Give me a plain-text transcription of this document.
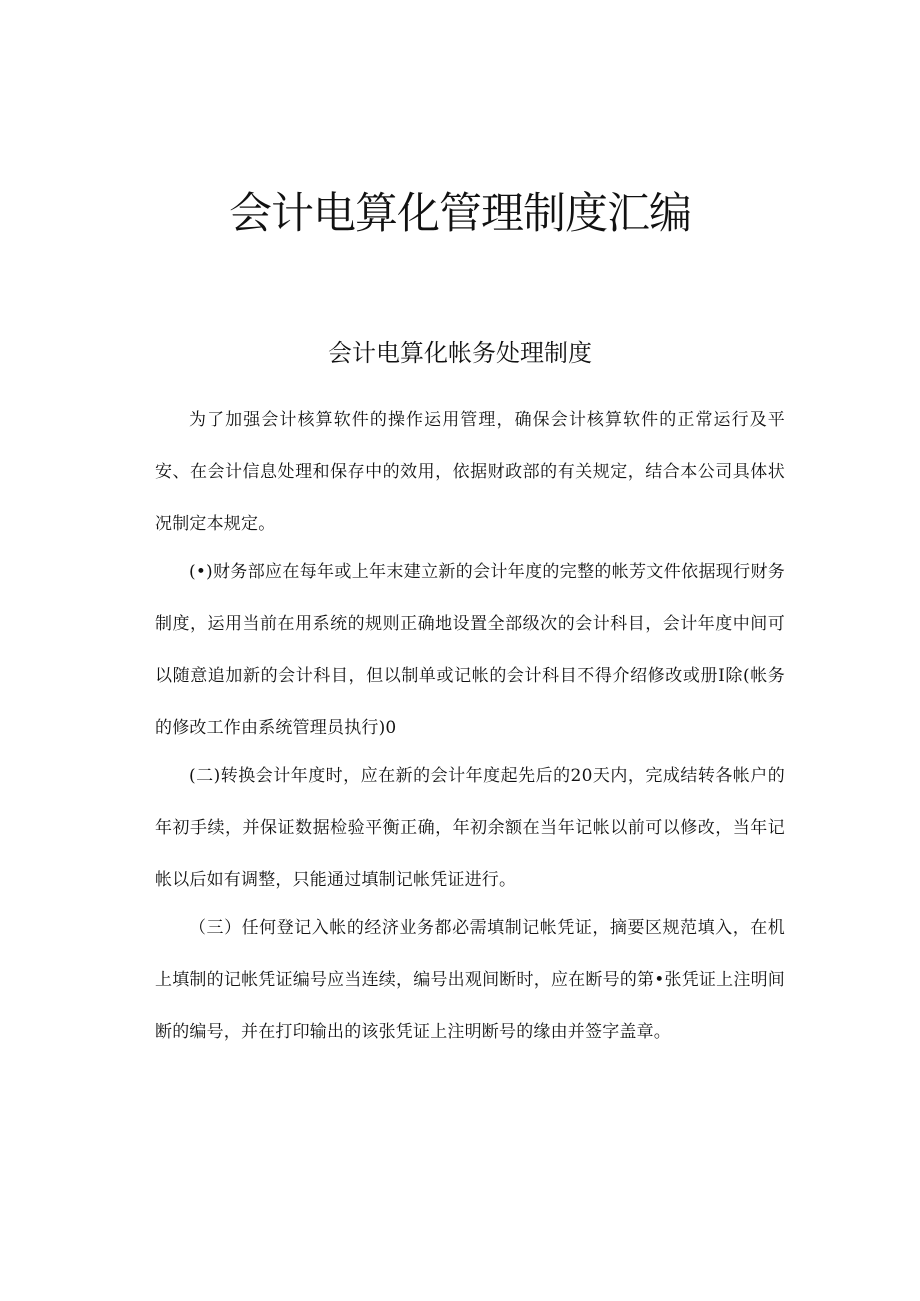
会计电算化管理制度汇编
会计电算化帐务处理制度

为了加强会计核算软件的操作运用管理，确保会计核算软件的正常运行及平安、在会计信息处理和保存中的效用，依据财政部的有关规定，结合本公司具体状况制定本规定。

(•)财务部应在每年或上年末建立新的会计年度的完整的帐芳文件依据现行财务制度，运用当前在用系统的规则正确地设置全部级次的会计科目，会计年度中间可以随意追加新的会计科目，但以制单或记帐的会计科目不得介绍修改或册I除(帐务的修改工作由系统管理员执行)0

(二)转换会计年度时，应在新的会计年度起先后的20天内，完成结转各帐户的年初手续，并保证数据检验平衡正确，年初余额在当年记帐以前可以修改，当年记帐以后如有调整，只能通过填制记帐凭证进行。

（三）任何登记入帐的经济业务都必需填制记帐凭证，摘要区规范填入，在机上填制的记帐凭证编号应当连续，编号出观间断时，应在断号的第•张凭证上注明间断的编号，并在打印输出的该张凭证上注明断号的缘由并签字盖章。
